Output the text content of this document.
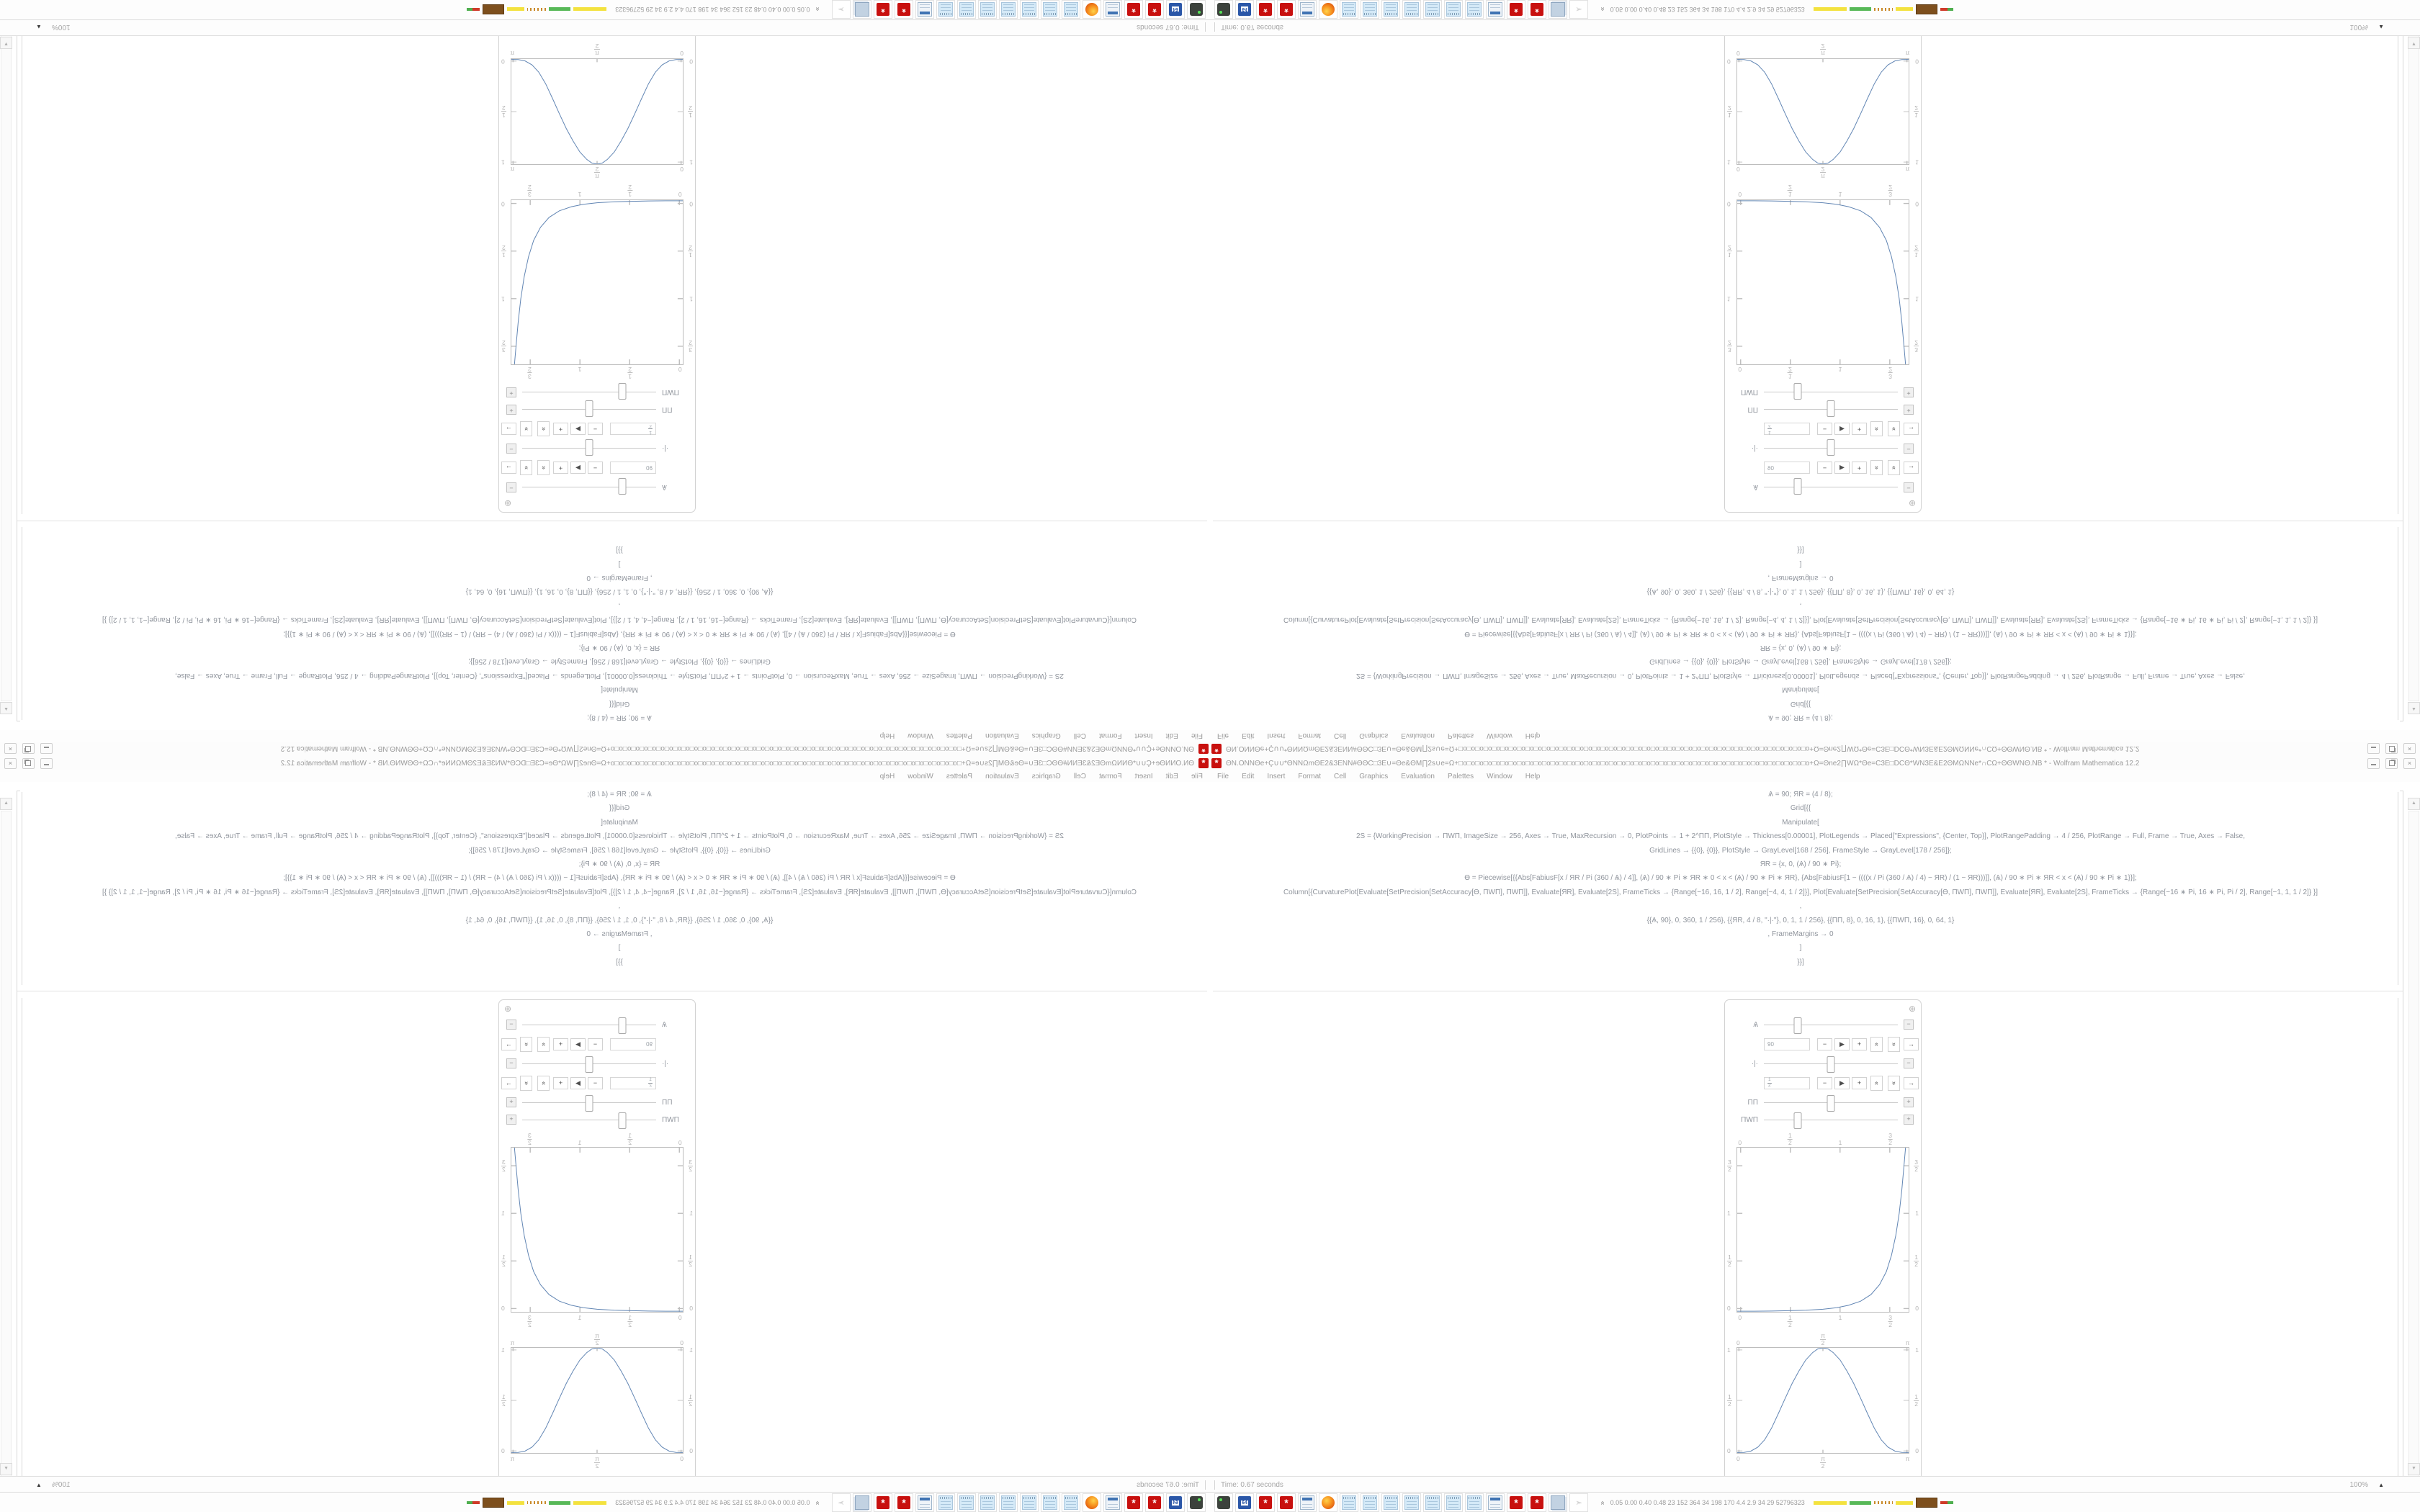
*	ΘN.ONNΘe+Ç∪∪*ΘNNΩmΘE2&3ENN#ΘΘC□3E∪=Θe&ΘM∏2s∪e=Ω+□o□o□o□o□o□o□o□o□o□o□o□o□o□o□o□o□o□o□o□o□o□o□o□o□o□o□o□o□o□o□o□o□o□o□o□o□o□o□o□o□o□o+Ω=Θne2∏WΩ*Θe=C3E□DCΘ*WN3E&E2ΘMΩNNe*∩CΩ+ΘΘWNΘ.NB * - Wolfram Mathematica 12.2	×
File Edit Insert Format Cell Graphics Evaluation Palettes Window Help
Ѧ = 90; ЯR = (4 / 8);
Grid[{{
Manipulate[
2S = {WorkingPrecision → ΠWΠ, ImageSize → 256, Axes → True, MaxRecursion → 0, PlotPoints → 1 + 2^ΠΠ, PlotStyle → Thickness[0.00001], PlotLegends → Placed["Expressions", {Center, Top}], PlotRangePadding → 4 / 256, PlotRange → Full, Frame → True, Axes → False,
GridLines → {{0}, {0}}, PlotStyle → GrayLevel[168 / 256], FrameStyle → GrayLevel[178 / 256]};
ЯR = {x, 0, (Ѧ) / 90 ∗ Pi};
ϴ = Piecewise[{{Abs[FabiusF[x / ЯR / Pi (360 / Ѧ) / 4]], (Ѧ) / 90 ∗ Pi ∗ ЯR ∗ 0 < x < (Ѧ) / 90 ∗ Pi ∗ ЯR}, {Abs[FabiusF[1 − ((((x / Pi (360 / Ѧ) / 4) − ЯR) / (1 − ЯR)))]], (Ѧ) / 90 ∗ Pi ∗ ЯR < x < (Ѧ) / 90 ∗ Pi ∗ 1}}];
Column[{CurvaturePlot[Evaluate[SetPrecision[SetAccuracy[ϴ, ΠWΠ], ΠWΠ]], Evaluate[ЯR], Evaluate[2S], FrameTicks → {Range[−16, 16, 1 / 2], Range[−4, 4, 1 / 2]}], Plot[Evaluate[SetPrecision[SetAccuracy[ϴ, ΠWΠ], ΠWΠ]], Evaluate[ЯR], Evaluate[2S], FrameTicks → {Range[−16 ∗ Pi, 16 ∗ Pi, Pi / 2], Range[−1, 1, 1 / 2]} }]
,
{{Ѧ, 90}, 0, 360, 1 / 256}, {{ЯR, 4 / 8, "·|·"}, 0, 1, 1 / 256}, {{ΠΠ, 8}, 0, 16, 1}, {{ΠWΠ, 16}, 0, 64, 1}
, FrameMargins → 0
]
}}]
⊕
Ѧ	−
90	−	▶	+	«	»	→
·|·	−
1
2	−	▶	+	«	»	→
ΠΠ	+
ΠWΠ	+
0	$\frac{1}{2}$	1	$\frac{3}{2}$
0	0
$\frac{1}{2}$	$\frac{1}{2}$
1	1
$\frac{3}{2}$	$\frac{3}{2}$
0	$\frac{1}{2}$	1	$\frac{3}{2}$
0	$\frac{\pi}{2}$	π
0	0
$\frac{1}{2}$	$\frac{1}{2}$
1	1
0	$\frac{\pi}{2}$	π
▲
▼
Time: 0.67 seconds	100% ▲
64	*	*	*	*	➣	» 0.05 0.00 0.40 0.48 23 152 364 34 198 170 4.4 2.9 34 29 52796323
*
ΘN.ONNΘe+Ç∪∪*ΘNNΩmΘE2&3ENN#ΘΘC□3E∪=Θe&ΘM∏2s∪e=Ω+□o□o□o□o□o□o□o□o□o□o□o□o□o□o□o□o□o□o□o□o□o□o□o□o□o□o□o□o□o□o□o□o□o□o□o□o□o□o□o□o□o□o+Ω=Θne2∏WΩ*Θe=C3E□DCΘ*WN3E&E2ΘMΩNNe*∩CΩ+ΘΘWNΘ.NB * - Wolfram Mathematica 12.2
×
File
Edit
Insert
Format
Cell
Graphics
Evaluation
Palettes
Window
Help
Ѧ = 90; ЯR = (4 / 8);
Grid[{{
Manipulate[
2S = {WorkingPrecision → ΠWΠ, ImageSize → 256, Axes → True, MaxRecursion → 0, PlotPoints → 1 + 2^ΠΠ, PlotStyle → Thickness[0.00001], PlotLegends → Placed["Expressions", {Center, Top}], PlotRangePadding → 4 / 256, PlotRange → Full, Frame → True, Axes → False,
GridLines → {{0}, {0}}, PlotStyle → GrayLevel[168 / 256], FrameStyle → GrayLevel[178 / 256]};
ЯR = {x, 0, (Ѧ) / 90 ∗ Pi};
ϴ = Piecewise[{{Abs[FabiusF[x / ЯR / Pi (360 / Ѧ) / 4]], (Ѧ) / 90 ∗ Pi ∗ ЯR ∗ 0 < x < (Ѧ) / 90 ∗ Pi ∗ ЯR}, {Abs[FabiusF[1 − ((((x / Pi (360 / Ѧ) / 4) − ЯR) / (1 − ЯR)))]], (Ѧ) / 90 ∗ Pi ∗ ЯR < x < (Ѧ) / 90 ∗ Pi ∗ 1}}];
Column[{CurvaturePlot[Evaluate[SetPrecision[SetAccuracy[ϴ, ΠWΠ], ΠWΠ]], Evaluate[ЯR], Evaluate[2S], FrameTicks → {Range[−16, 16, 1 / 2], Range[−4, 4, 1 / 2]}], Plot[Evaluate[SetPrecision[SetAccuracy[ϴ, ΠWΠ], ΠWΠ]], Evaluate[ЯR], Evaluate[2S], FrameTicks → {Range[−16 ∗ Pi, 16 ∗ Pi, Pi / 2], Range[−1, 1, 1 / 2]} }]
,
{{Ѧ, 90}, 0, 360, 1 / 256}, {{ЯR, 4 / 8, "·|·"}, 0, 1, 1 / 256}, {{ΠΠ, 8}, 0, 16, 1}, {{ΠWΠ, 16}, 0, 64, 1}
, FrameMargins → 0
]
}}]
⊕
Ѧ
−
90
−
▶
+
«
»
→
·|·
−
1
2
−
▶
+
«
»
→
ΠΠ
+
ΠWΠ
+
0
$\frac{1}{2}$
1
$\frac{3}{2}$
0
0
$\frac{1}{2}$
$\frac{1}{2}$
1
1
$\frac{3}{2}$
$\frac{3}{2}$
0
$\frac{1}{2}$
1
$\frac{3}{2}$
0
$\frac{\pi}{2}$
π
0
0
$\frac{1}{2}$
$\frac{1}{2}$
1
1
0
$\frac{\pi}{2}$
π
▲
▼
Time: 0.67 seconds
100%
▲
64
*
*
*
*
➣
»
0.05 0.00 0.40 0.48 23 152 364 34 198 170 4.4 2.9 34 29 52796323
*	ΘN.ONNΘe+Ç∪∪*ΘNNΩmΘE2&3ENN#ΘΘC□3E∪=Θe&ΘM∏2s∪e=Ω+□o□o□o□o□o□o□o□o□o□o□o□o□o□o□o□o□o□o□o□o□o□o□o□o□o□o□o□o□o□o□o□o□o□o□o□o□o□o□o□o□o□o+Ω=Θne2∏WΩ*Θe=C3E□DCΘ*WN3E&E2ΘMΩNNe*∩CΩ+ΘΘWNΘ.NB * - Wolfram Mathematica 12.2	×
File Edit Insert Format Cell Graphics Evaluation Palettes Window Help
Ѧ = 90; ЯR = (4 / 8);
Grid[{{
Manipulate[
2S = {WorkingPrecision → ΠWΠ, ImageSize → 256, Axes → True, MaxRecursion → 0, PlotPoints → 1 + 2^ΠΠ, PlotStyle → Thickness[0.00001], PlotLegends → Placed["Expressions", {Center, Top}], PlotRangePadding → 4 / 256, PlotRange → Full, Frame → True, Axes → False,
GridLines → {{0}, {0}}, PlotStyle → GrayLevel[168 / 256], FrameStyle → GrayLevel[178 / 256]};
ЯR = {x, 0, (Ѧ) / 90 ∗ Pi};
ϴ = Piecewise[{{Abs[FabiusF[x / ЯR / Pi (360 / Ѧ) / 4]], (Ѧ) / 90 ∗ Pi ∗ ЯR ∗ 0 < x < (Ѧ) / 90 ∗ Pi ∗ ЯR}, {Abs[FabiusF[1 − ((((x / Pi (360 / Ѧ) / 4) − ЯR) / (1 − ЯR)))]], (Ѧ) / 90 ∗ Pi ∗ ЯR < x < (Ѧ) / 90 ∗ Pi ∗ 1}}];
Column[{CurvaturePlot[Evaluate[SetPrecision[SetAccuracy[ϴ, ΠWΠ], ΠWΠ]], Evaluate[ЯR], Evaluate[2S], FrameTicks → {Range[−16, 16, 1 / 2], Range[−4, 4, 1 / 2]}], Plot[Evaluate[SetPrecision[SetAccuracy[ϴ, ΠWΠ], ΠWΠ]], Evaluate[ЯR], Evaluate[2S], FrameTicks → {Range[−16 ∗ Pi, 16 ∗ Pi, Pi / 2], Range[−1, 1, 1 / 2]} }]
,
{{Ѧ, 90}, 0, 360, 1 / 256}, {{ЯR, 4 / 8, "·|·"}, 0, 1, 1 / 256}, {{ΠΠ, 8}, 0, 16, 1}, {{ΠWΠ, 16}, 0, 64, 1}
, FrameMargins → 0
]
}}]
⊕
Ѧ	−
90	−	▶	+	«	»	→
·|·	−
1
2	−	▶	+	«	»	→
ΠΠ	+
ΠWΠ	+
0
1
2	1
3
2
0	0
1
2
1
2
1	1
3
2
3
2
0	1
2
1	3
2
0
π
2	π
0	0
1
2
1
2
1	1
0	π
2
π
▲
▼
Time: 0.67 seconds	100% ▲
64	*	*	*	*	➣	» 0.05 0.00 0.40 0.48 23 152 364 34 198 170 4.4 2.9 34 29 52796323
*
ΘN.ONNΘe+Ç∪∪*ΘNNΩmΘE2&3ENN#ΘΘC□3E∪=Θe&ΘM∏2s∪e=Ω+□o□o□o□o□o□o□o□o□o□o□o□o□o□o□o□o□o□o□o□o□o□o□o□o□o□o□o□o□o□o□o□o□o□o□o□o□o□o□o□o□o□o+Ω=Θne2∏WΩ*Θe=C3E□DCΘ*WN3E&E2ΘMΩNNe*∩CΩ+ΘΘWNΘ.NB * - Wolfram Mathematica 12.2
×
File
Edit
Insert
Format
Cell
Graphics
Evaluation
Palettes
Window
Help
Ѧ = 90; ЯR = (4 / 8);
Grid[{{
Manipulate[
2S = {WorkingPrecision → ΠWΠ, ImageSize → 256, Axes → True, MaxRecursion → 0, PlotPoints → 1 + 2^ΠΠ, PlotStyle → Thickness[0.00001], PlotLegends → Placed["Expressions", {Center, Top}], PlotRangePadding → 4 / 256, PlotRange → Full, Frame → True, Axes → False,
GridLines → {{0}, {0}}, PlotStyle → GrayLevel[168 / 256], FrameStyle → GrayLevel[178 / 256]};
ЯR = {x, 0, (Ѧ) / 90 ∗ Pi};
ϴ = Piecewise[{{Abs[FabiusF[x / ЯR / Pi (360 / Ѧ) / 4]], (Ѧ) / 90 ∗ Pi ∗ ЯR ∗ 0 < x < (Ѧ) / 90 ∗ Pi ∗ ЯR}, {Abs[FabiusF[1 − ((((x / Pi (360 / Ѧ) / 4) − ЯR) / (1 − ЯR)))]], (Ѧ) / 90 ∗ Pi ∗ ЯR < x < (Ѧ) / 90 ∗ Pi ∗ 1}}];
Column[{CurvaturePlot[Evaluate[SetPrecision[SetAccuracy[ϴ, ΠWΠ], ΠWΠ]], Evaluate[ЯR], Evaluate[2S], FrameTicks → {Range[−16, 16, 1 / 2], Range[−4, 4, 1 / 2]}], Plot[Evaluate[SetPrecision[SetAccuracy[ϴ, ΠWΠ], ΠWΠ]], Evaluate[ЯR], Evaluate[2S], FrameTicks → {Range[−16 ∗ Pi, 16 ∗ Pi, Pi / 2], Range[−1, 1, 1 / 2]} }]
,
{{Ѧ, 90}, 0, 360, 1 / 256}, {{ЯR, 4 / 8, "·|·"}, 0, 1, 1 / 256}, {{ΠΠ, 8}, 0, 16, 1}, {{ΠWΠ, 16}, 0, 64, 1}
, FrameMargins → 0
]
}}]
⊕
Ѧ
−
90
−
▶
+
«
»
→
·|·
−
1
2
−
▶
+
«
»
→
ΠΠ
+
ΠWΠ
+
0
1
2
1
3
2
0
0
1
2
1
2
1
1
3
2
3
2
0
1
2
1
3
2
0
π
2
π
0
0
1
2
1
2
1
1
0
π
2
π
▲
▼
Time: 0.67 seconds
100%
▲
64
*
*
*
*
➣
»
0.05 0.00 0.40 0.48 23 152 364 34 198 170 4.4 2.9 34 29 52796323
